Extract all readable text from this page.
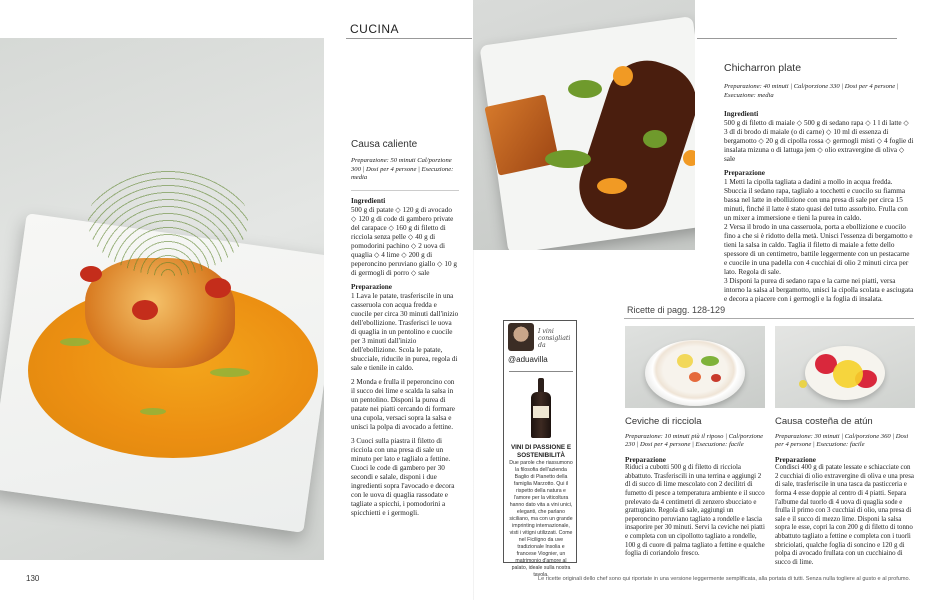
CUCINA
Causa caliente
Preparazione: 50 minuti Cal/porzione 300 | Dosi per 4 persone | Esecuzione: media
Ingredienti
500 g di patate ◇ 120 g di avocado ◇ 120 g di code di gambero private del carapace ◇ 160 g di filetto di ricciola senza pelle ◇ 40 g di pomodorini pachino ◇ 2 uova di quaglia ◇ 4 lime ◇ 200 g di peperoncino peruviano giallo ◇ 10 g di germogli di porro ◇ sale
Preparazione
1 Lava le patate, trasferiscile in una casseruola con acqua fredda e cuocile per circa 30 minuti dall'inizio dell'ebollizione. Trasferisci le uova di quaglia in un pentolino e cuocile per 3 minuti dall'inizio dell'ebollizione. Scola le patate, sbucciale, riducile in purea, regola di sale e tienile in caldo.
2 Monda e frulla il peperoncino con il succo dei lime e scalda la salsa in un pentolino. Disponi la purea di patate nei piatti cercando di formare una cupola, versaci sopra la salsa e unisci la polpa di avocado a fettine.
3 Cuoci sulla piastra il filetto di ricciola con una presa di sale un minuto per lato e taglialo a fettine. Cuoci le code di gambero per 30 secondi e salale, disponi i due ingredienti sopra l'avocado e decora con le uova di quaglia rassodate e tagliate a spicchi, i pomodorini a spicchietti e i germogli.
Chicharron plate
Preparazione: 40 minuti | Cal/porzione 330 | Dosi per 4 persone | Esecuzione: media
Ingredienti
500 g di filetto di maiale ◇ 500 g di sedano rapa ◇ 1 l di latte ◇ 3 dl di brodo di maiale (o di carne) ◇ 10 ml di essenza di bergamotto ◇ 20 g di cipolla rossa ◇ germogli misti ◇ 4 foglie di insalata mizuna o di lattuga jem ◇ olio extravergine di oliva ◇ sale
Preparazione
1 Metti la cipolla tagliata a dadini a mollo in acqua fredda. Sbuccia il sedano rapa, taglialo a tocchetti e cuocilo su fiamma bassa nel latte in ebollizione con una presa di sale per circa 15 minuti, finché il latte è stato quasi del tutto assorbito. Frulla con un mixer a immersione e tieni la purea in caldo.
2 Versa il brodo in una casseruola, porta a ebollizione e cuocilo fino a che si è ridotto della metà. Unisci l'essenza di bergamotto e tieni la salsa in caldo. Taglia il filetto di maiale a fette dello spessore di un centimetro, battile leggermente con un pestacarne e cuocile in una padella con 4 cucchiai di olio 2 minuti circa per lato. Regola di sale.
3 Disponi la purea di sedano rapa e la carne nei piatti, versa intorno la salsa al bergamotto, unisci la cipolla scolata e asciugata e decora a piacere con i germogli e la foglia di insalata.
I vini consigliati da
@aduavilla
VINI DI PASSIONE E SOSTENIBILITÀ
Due parole che riassumono la filosofia dell'azienda Baglio di Pianetto della famiglia Marzotto. Qui il rispetto della natura e l'amore per la viticoltura hanno dato vita a vini unici, eleganti, che parlano siciliano, ma con un grande imprinting internazionale, visti i vitigni utilizzati. Come nel Ficiligno da uve tradizionale Insolia e francese Viognier, un matrimonio d'amore al palato, ideale sulla nostra tavola.
Ricette di pagg. 128-129
Ceviche di ricciola
Preparazione: 10 minuti più il riposo | Cal/porzione 230 | Dosi per 4 persone | Esecuzione: facile
Preparazione
Riduci a cubotti 500 g di filetto di ricciola abbattuto. Trasferiscili in una terrina e aggiungi 2 dl di succo di lime mescolato con 2 decilitri di fumetto di pesce a temperatura ambiente e il succo prelevato da 4 centimetri di zenzero sbucciato e grattugiato. Regola di sale, aggiungi un peperoncino peruviano tagliato a rondelle e lascia insaporire per 30 minuti. Servi la ceviche nei piatti e completa con un cipollotto tagliato a rondelle, 100 g di cuore di palma tagliato a fettine e qualche foglia di coriandolo fresco.
Causa costeña de atún
Preparazione: 30 minuti | Cal/porzione 360 | Dosi per 4 persone | Esecuzione: facile
Preparazione
Condisci 400 g di patate lessate e schiacciate con 2 cucchiai di olio extravergine di oliva e una presa di sale, trasferiscile in una tasca da pasticceria e forma 4 esse doppie al centro di 4 piatti. Separa l'albume dal tuorlo di 4 uova di quaglia sode e frulla il primo con 3 cucchiai di olio, una presa di sale e il succo di mezzo lime. Disponi la salsa sopra le esse, copri la con 200 g di filetto di tonno abbattuto tagliato a fettine e completa con i tuorli sbriciolati, qualche foglia di soncino e 120 g di polpa di avocado frullata con un cucchiaino di succo di lime.
130	Le ricette originali dello chef sono qui riportate in una versione leggermente semplificata, alla portata di tutti. Senza nulla togliere al gusto e al profumo.
